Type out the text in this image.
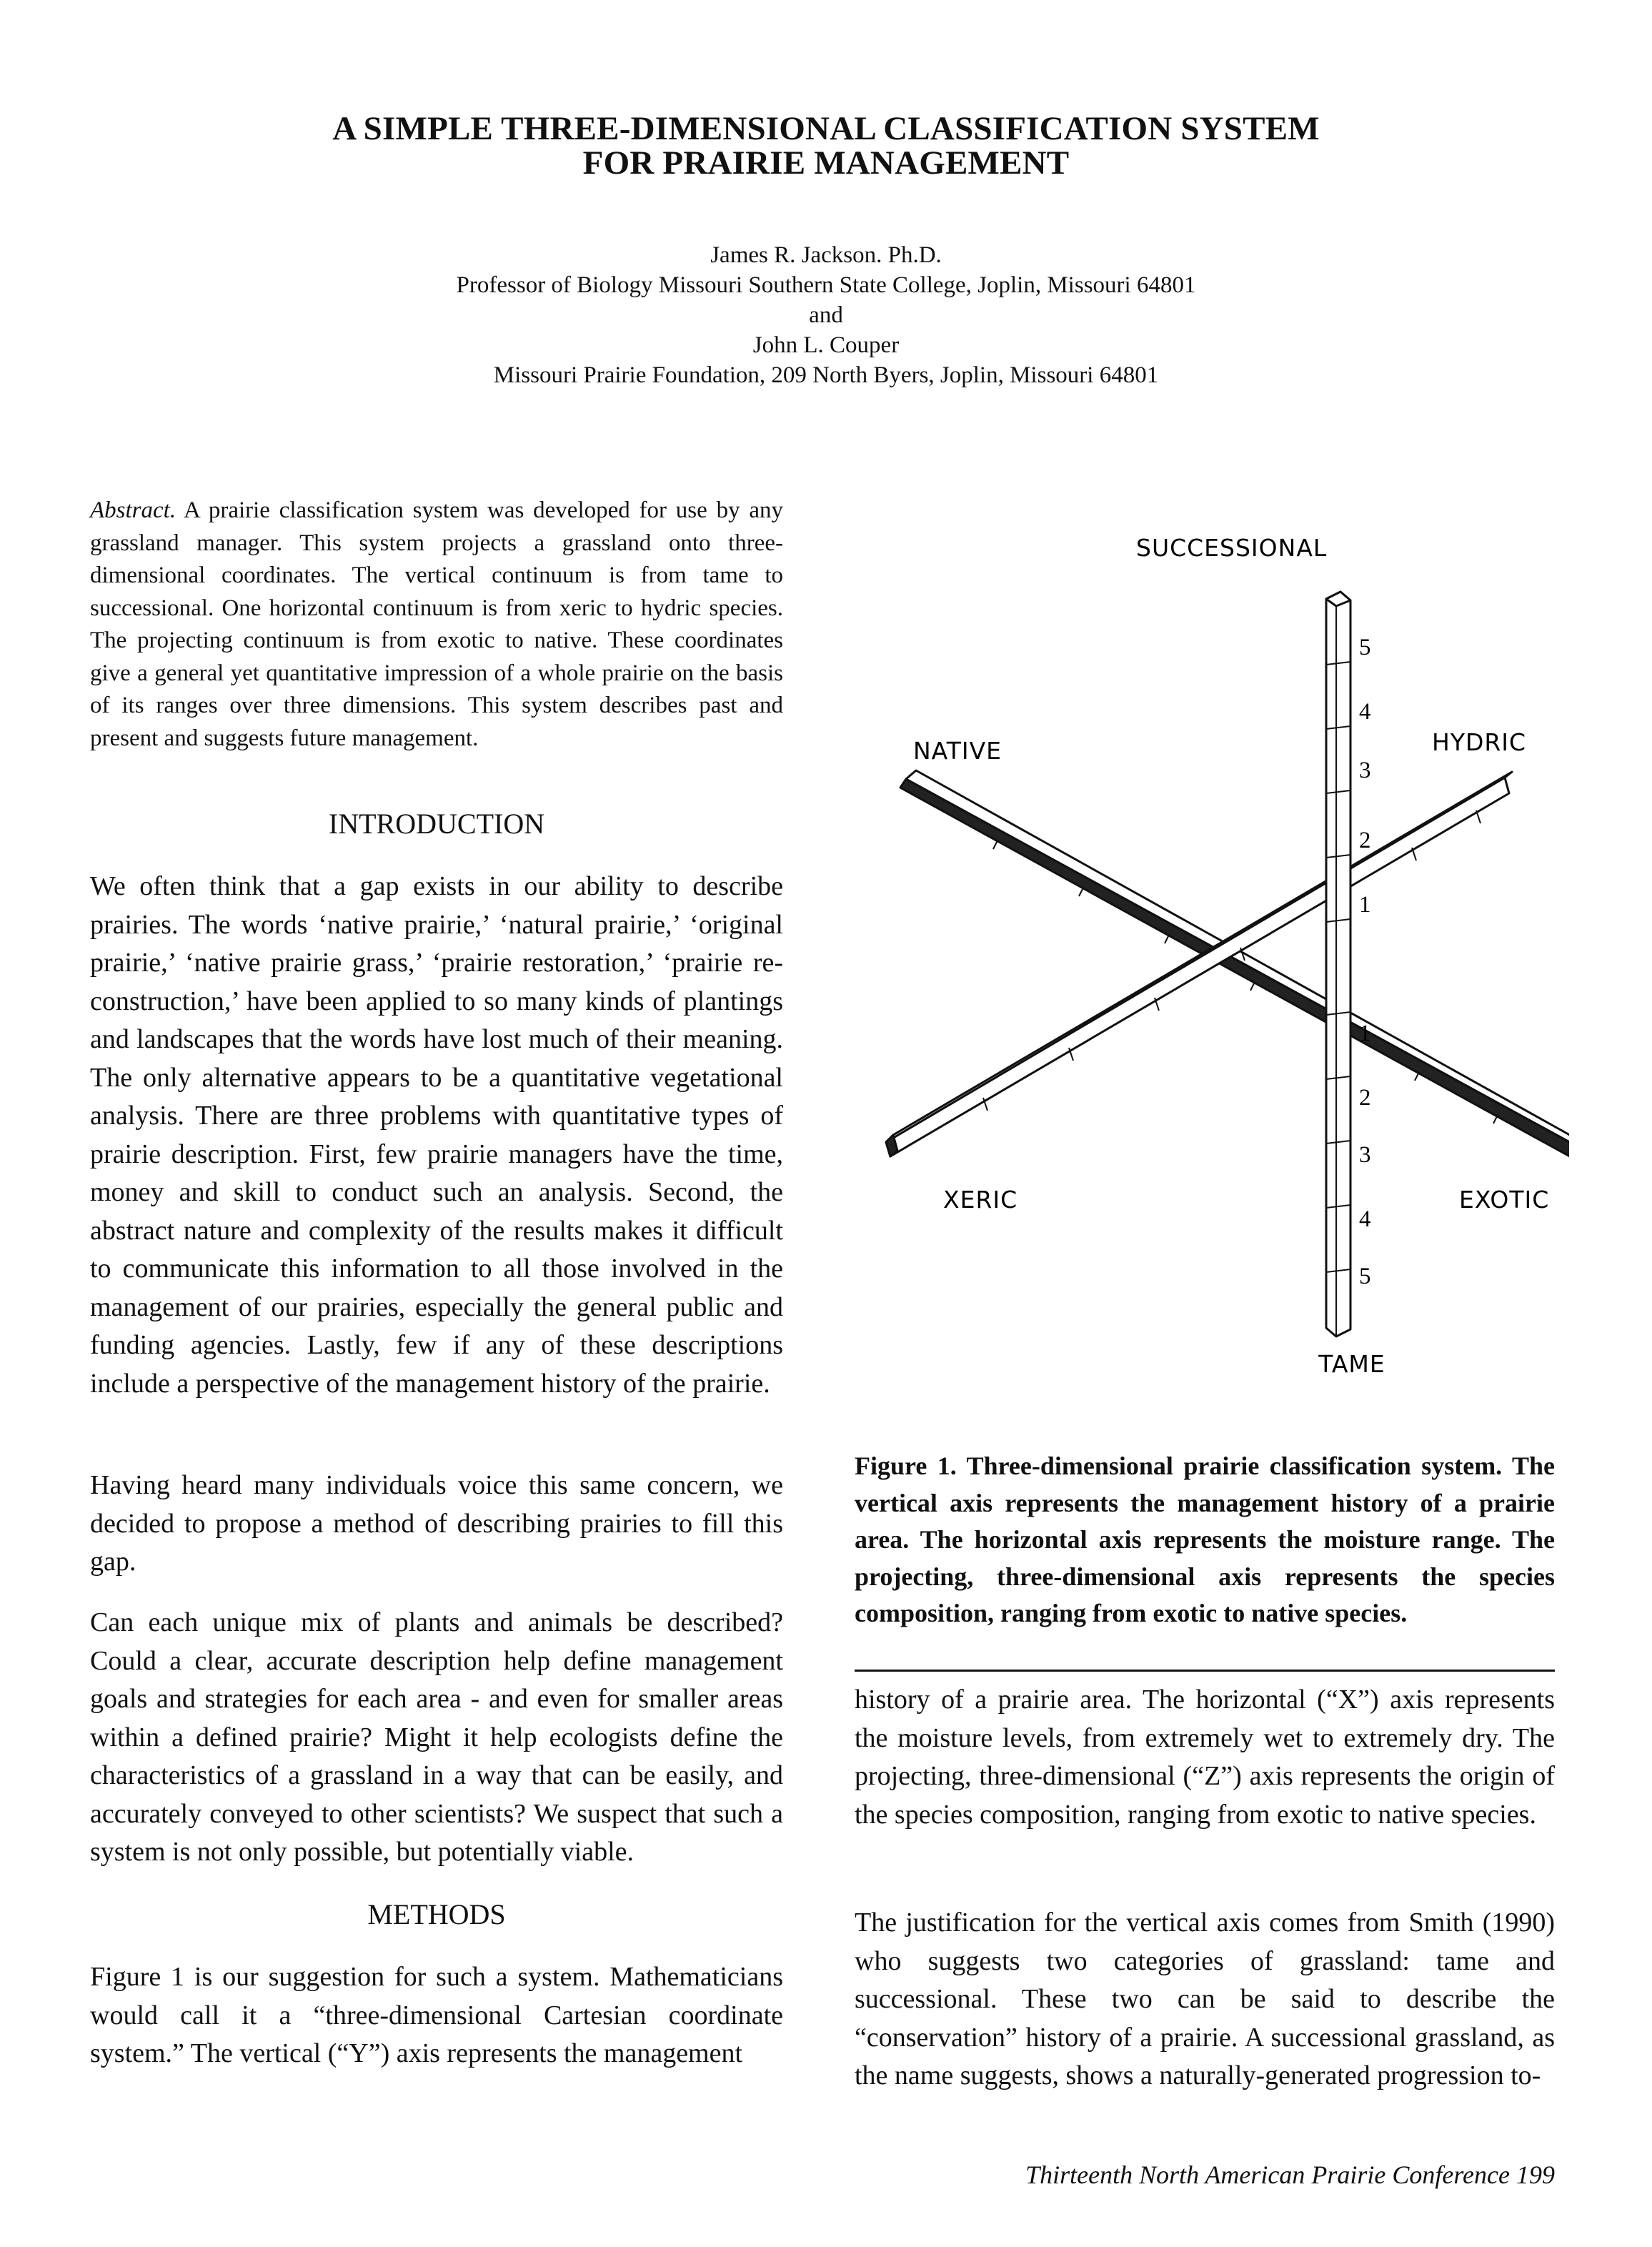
A SIMPLE THREE-DIMENSIONAL CLASSIFICATION SYSTEM
FOR PRAIRIE MANAGEMENT
James R. Jackson. Ph.D.
Professor of Biology Missouri Southern State College, Joplin, Missouri 64801
and
John L. Couper
Missouri Prairie Foundation, 209 North Byers, Joplin, Missouri 64801
Abstract. A prairie classification system was developed for use by any grassland manager. This system projects a grassland onto three-dimensional coordinates. The vertical continuum is from tame to successional. One horizontal continuum is from xeric to hydric species. The projecting continuum is from exotic to native. These coordinates give a general yet quantitative impression of a whole prairie on the basis of its ranges over three dimensions. This system describes past and present and suggests future management.
INTRODUCTION
We often think that a gap exists in our ability to describe prairies. The words ‘native prairie,’ ‘natural prairie,’ ‘original prairie,’ ‘native prairie grass,’ ‘prairie restoration,’ ‘prairie re-construction,’ have been applied to so many kinds of plantings and landscapes that the words have lost much of their meaning. The only alternative appears to be a quantitative vegetational analysis. There are three problems with quantitative types of prairie description. First, few prairie managers have the time, money and skill to conduct such an analysis. Second, the abstract nature and complexity of the results makes it difficult to communicate this information to all those involved in the management of our prairies, especially the general public and funding agencies. Lastly, few if any of these descriptions include a perspective of the management history of the prairie.
Having heard many individuals voice this same concern, we decided to propose a method of describing prairies to fill this gap.
Can each unique mix of plants and animals be described? Could a clear, accurate description help define management goals and strategies for each area - and even for smaller areas within a defined prairie? Might it help ecologists define the characteristics of a grassland in a way that can be easily, and accurately conveyed to other scientists? We suspect that such a system is not only possible, but potentially viable.
METHODS
Figure 1 is our suggestion for such a system. Mathematicians would call it a “three-dimensional Cartesian coordinate system.” The vertical (“Y”) axis represents the management
SUCCESSIONAL
TAME
NATIVE	HYDRIC
XERIC	EXOTIC
5
4
3
2
1
1
2
3
4
5
Figure 1. Three-dimensional prairie classification system. The vertical axis represents the management history of a prairie area. The horizontal axis represents the moisture range. The projecting, three-dimensional axis represents the species composition, ranging from exotic to native species.
history of a prairie area. The horizontal (“X”) axis represents the moisture levels, from extremely wet to extremely dry. The projecting, three-dimensional (“Z”) axis represents the origin of the species composition, ranging from exotic to native species.
The justification for the vertical axis comes from Smith (1990) who suggests two categories of grassland: tame and successional. These two can be said to describe the “conservation” history of a prairie. A successional grassland, as the name suggests, shows a naturally-generated progression to-
Thirteenth North American Prairie Conference 199
